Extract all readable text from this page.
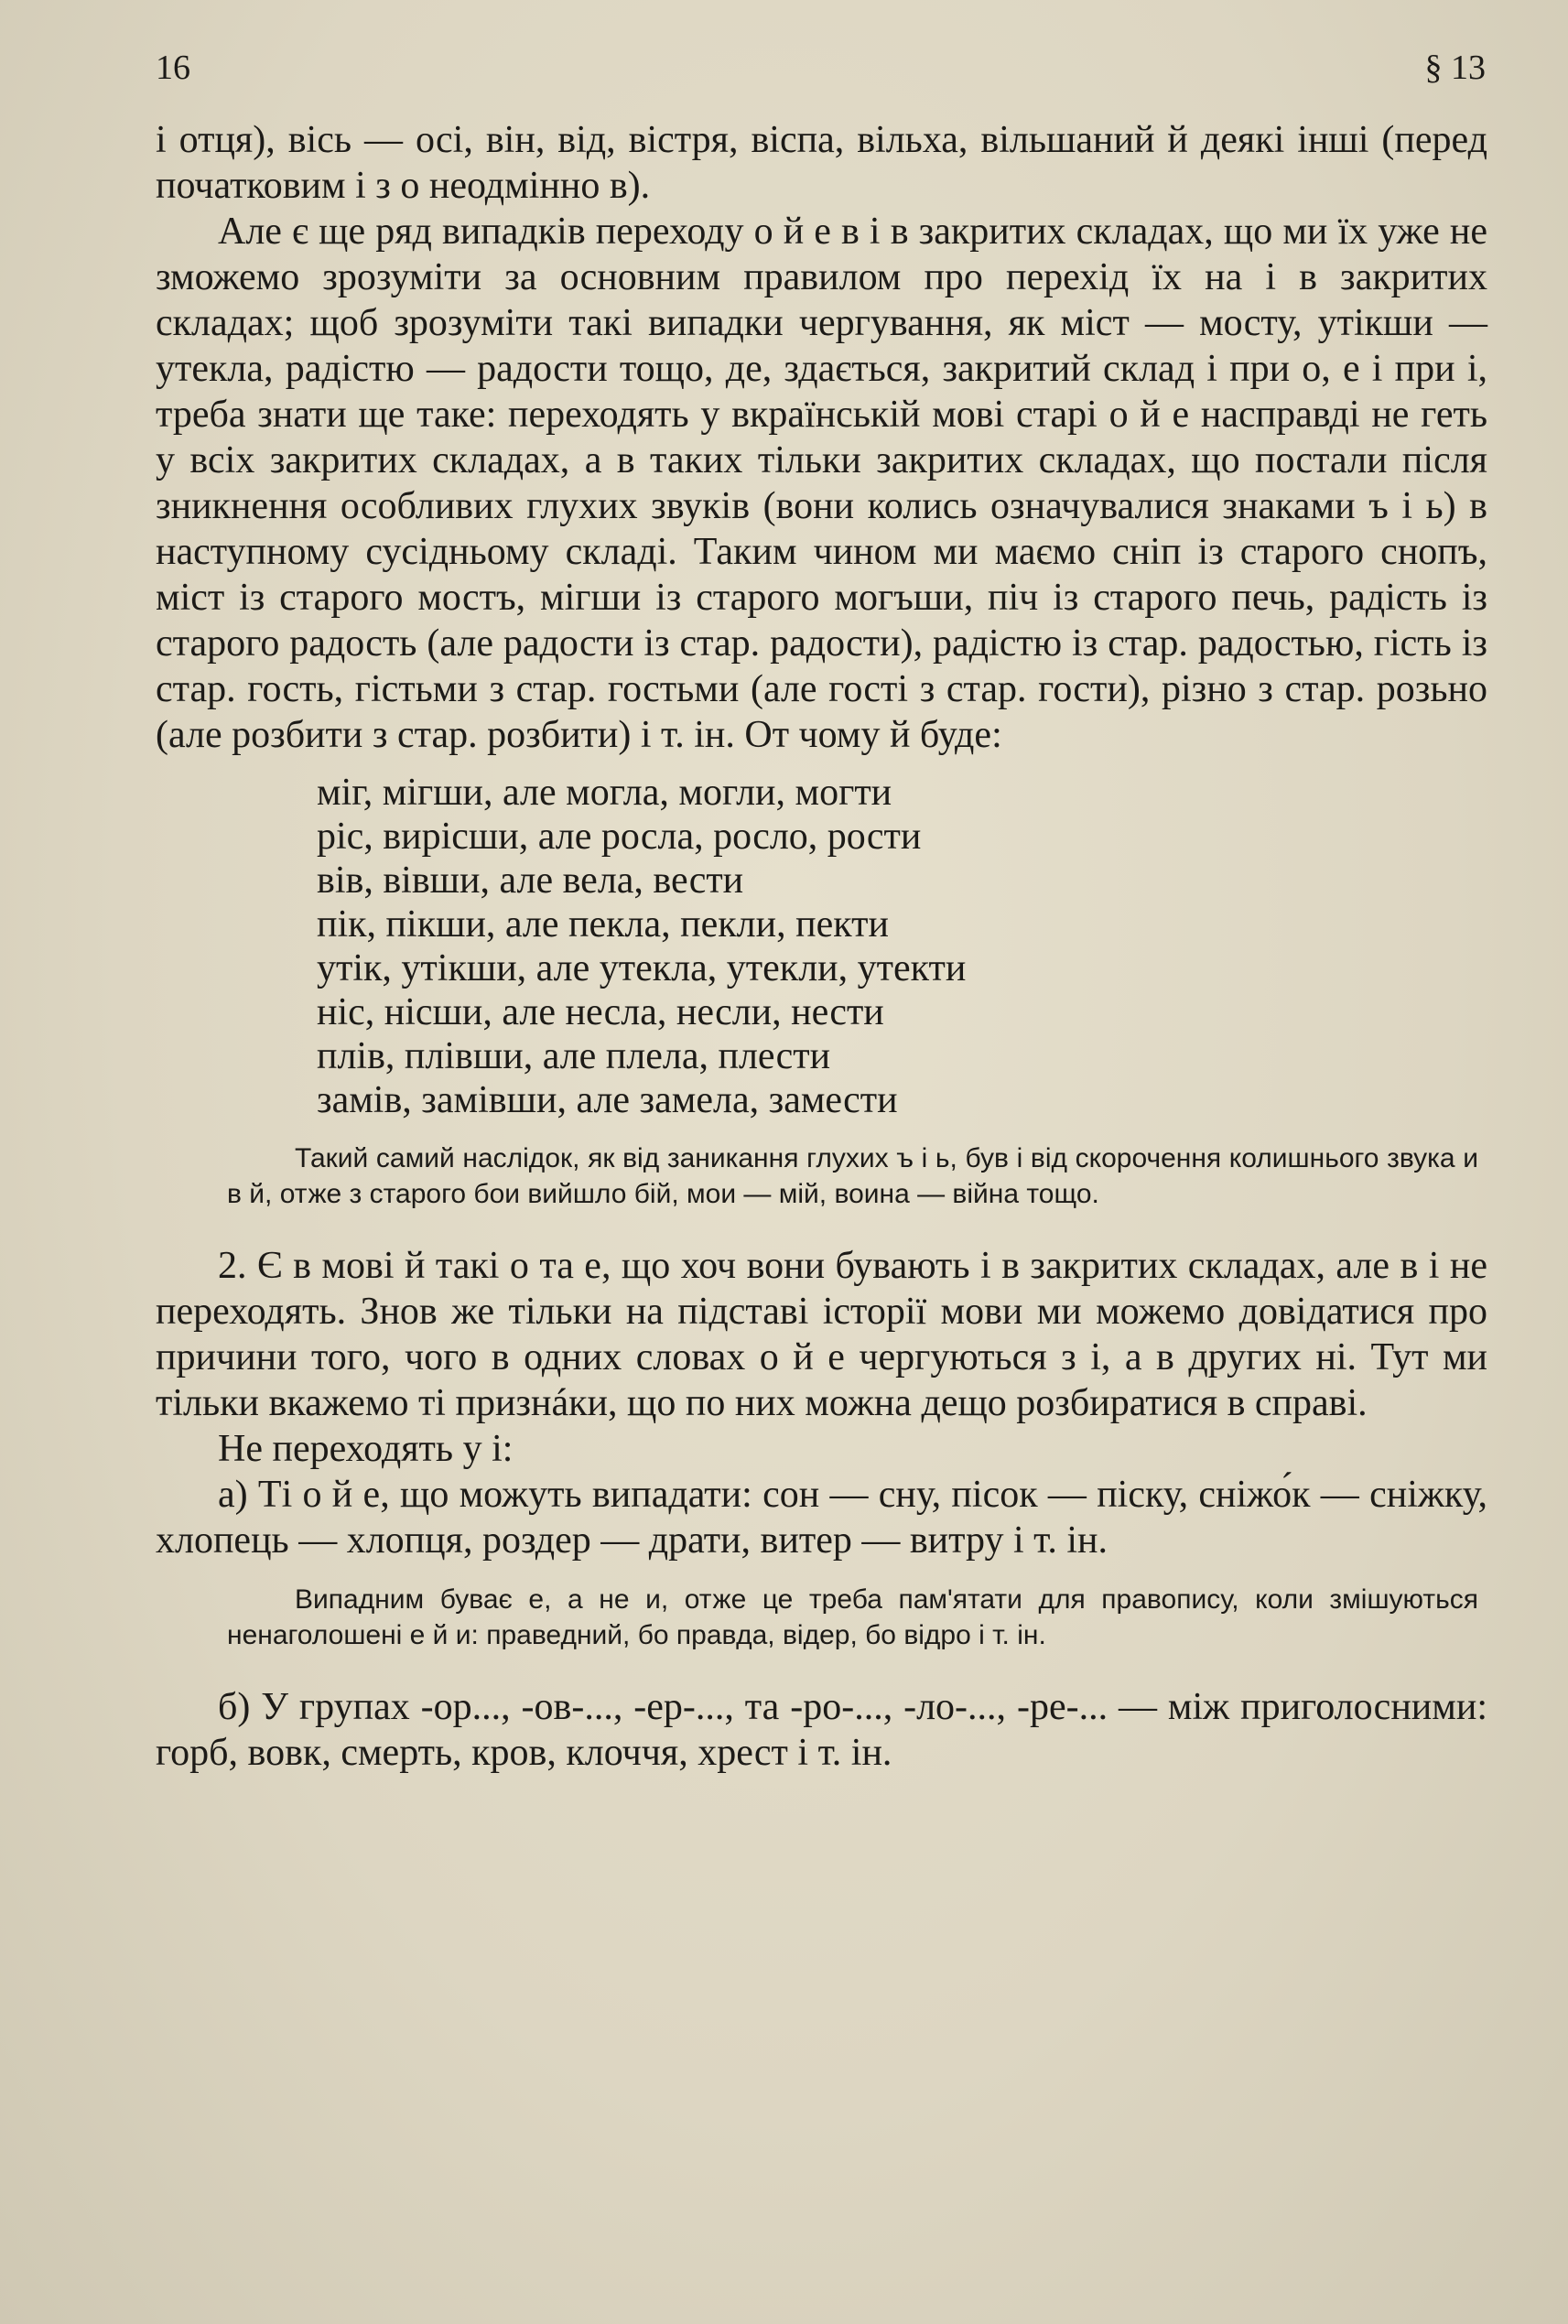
16	§ 13

і отця), вісь — осі, він, від, вістря, віспа, вільха, вільшаний й деякі інші (перед початковим і з о неодмінно в).

Але є ще ряд випадків переходу о й е в і в закритих складах, що ми їх уже не зможемо зрозуміти за основним правилом про перехід їх на і в закритих складах; щоб зрозуміти такі випадки чергування, як міст — мосту, утікши — утекла, радістю — радости тощо, де, здається, закритий склад і при о, е і при і, треба знати ще таке: переходять у вкраїнській мові старі о й е насправді не геть у всіх закритих складах, а в таких тільки закритих складах, що постали після зникнення особливих глухих звуків (вони колись означувалися знаками ъ і ь) в наступному сусідньому складі. Таким чином ми маємо сніп із старого снопъ, міст із старого мостъ, мігши із старого могъши, піч із старого печь, радість із старого радость (але радости із стар. радости), радістю із стар. радостью, гість із стар. гость, гістьми з стар. гостьми (але гості з стар. гости), різно з стар. розьно (але розбити з стар. розбити) і т. ін. От чому й буде:

міг, мігши, але могла, могли, могти
ріс, вирісши, але росла, росло, рости
вів, вівши, але вела, вести
пік, пікши, але пекла, пекли, пекти
утік, утікши, але утекла, утекли, утекти
ніс, нісши, але несла, несли, нести
плів, плівши, але плела, плести
замів, замівши, але замела, замести

Такий самий наслідок, як від заникання глухих ъ і ь, був і від скорочення колишнього звука и в й, отже з старого бои вийшло бій, мои — мій, воина — війна тощо.

2. Є в мові й такі о та е, що хоч вони бувають і в закритих складах, але в і не переходять. Знов же тільки на підставі історії мови ми можемо довідатися про причини того, чого в одних словах о й е чергуються з і, а в других ні. Тут ми тільки вкажемо ті признáки, що по них можна дещо розбиратися в справі.

Не переходять у і:

а) Ті о й е, що можуть випадати: сон — сну, пісок — піску, сніжо́к — сніжку, хлопець — хлопця, роздер — драти, витер — витру і т. ін.

Випадним буває е, а не и, отже це треба пам'ятати для правопису, коли змішуються ненаголошені е й и: праведний, бо правда, відер, бо відро і т. ін.

б) У групах -ор..., -ов-..., -ер-..., та -ро-..., -ло-..., -ре-... — між приголосними: горб, вовк, смерть, кров, клоччя, хрест і т. ін.
